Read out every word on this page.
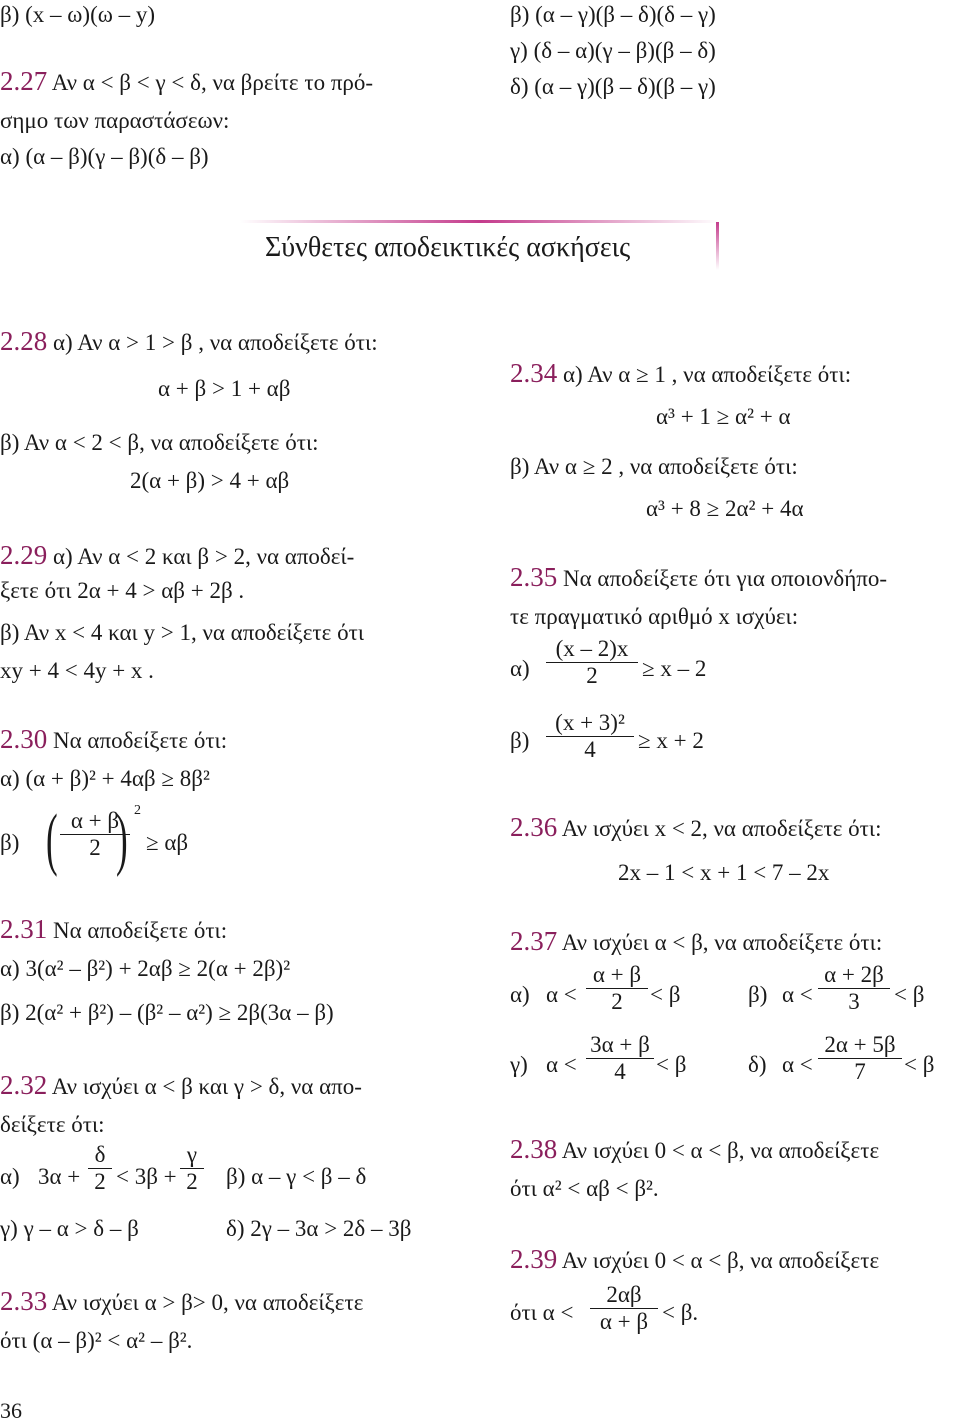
β) (x – ω)(ω – y)
2.27 Αν α < β < γ < δ, να βρείτε το πρό-
σημο των παραστάσεων:
α) (α – β)(γ – β)(δ – β)
β) (α – γ)(β – δ)(δ – γ)
γ) (δ – α)(γ – β)(β – δ)
δ) (α – γ)(β – δ)(β – γ)
Σύνθετες αποδεικτικές ασκήσεις
2.28 α) Αν α > 1 > β , να αποδείξετε ότι:
α + β > 1 + αβ
β) Αν α < 2 < β, να αποδείξετε ότι:
2(α + β) > 4 + αβ
2.29 α) Αν α < 2 και β > 2, να αποδεί-
ξετε ότι 2α + 4 > αβ + 2β .
β) Αν x < 4 και y > 1, να αποδείξετε ότι
xy + 4 < 4y + x .
2.30 Να αποδείξετε ότι:
α) (α + β)² + 4αβ ≥ 8β²
β) ( $\frac{\alpha + \beta}{2}$
) 2
≥ αβ
2.31 Να αποδείξετε ότι:
α) 3(α² – β²) + 2αβ ≥ 2(α + 2β)²
β) 2(α² + β²) – (β² – α²) ≥ 2β(3α – β)
2.32 Αν ισχύει α < β και γ > δ, να απο-
δείξετε ότι:
α) $3\alpha + \frac{\delta}{2} < 3\beta + \frac{\gamma}{2} \beta$) α – γ < β – δ
γ) γ – α > δ – β	δ) 2γ – 3α > 2δ – 3β
2.33 Αν ισχύει α > β> 0, να αποδείξετε
ότι (α – β)² < α² – β².
2.34 α) Αν α ≥ 1 , να αποδείξετε ότι:
α³ + 1 ≥ α² + α
β) Αν α ≥ 2 , να αποδείξετε ότι:
α³ + 8 ≥ 2α² + 4α
2.35 Να αποδείξετε ότι για οποιονδήπο-
τε πραγματικό αριθμό x ισχύει:
$\alpha) \frac{(x - 2)x}{2} \ge x - 2$
$\beta) \frac{\text{(x + 3)²}}{4} \ge x + 2$
2.36 Αν ισχύει x < 2, να αποδείξετε ότι:
2x – 1 < x + 1 < 7 – 2x
2.37 Αν ισχύει α < β, να αποδείξετε ότι:
α) $\alpha < \frac{\alpha + \beta}{2} < \beta$	β) $\alpha < \frac{\alpha + 2\beta}{3} < \beta$
γ) $\alpha < \frac{3\alpha + \beta}{4} < \beta$	δ) $\alpha < \frac{2\alpha + 5\beta}{7} < \beta$
2.38 Αν ισχύει 0 < α < β, να αποδείξετε
ότι α² < αβ < β².
2.39 Αν ισχύει 0 < α < β, να αποδείξετε
ότι $\alpha < \frac{2\alpha\beta}{\alpha + \beta} < \beta$.
36
